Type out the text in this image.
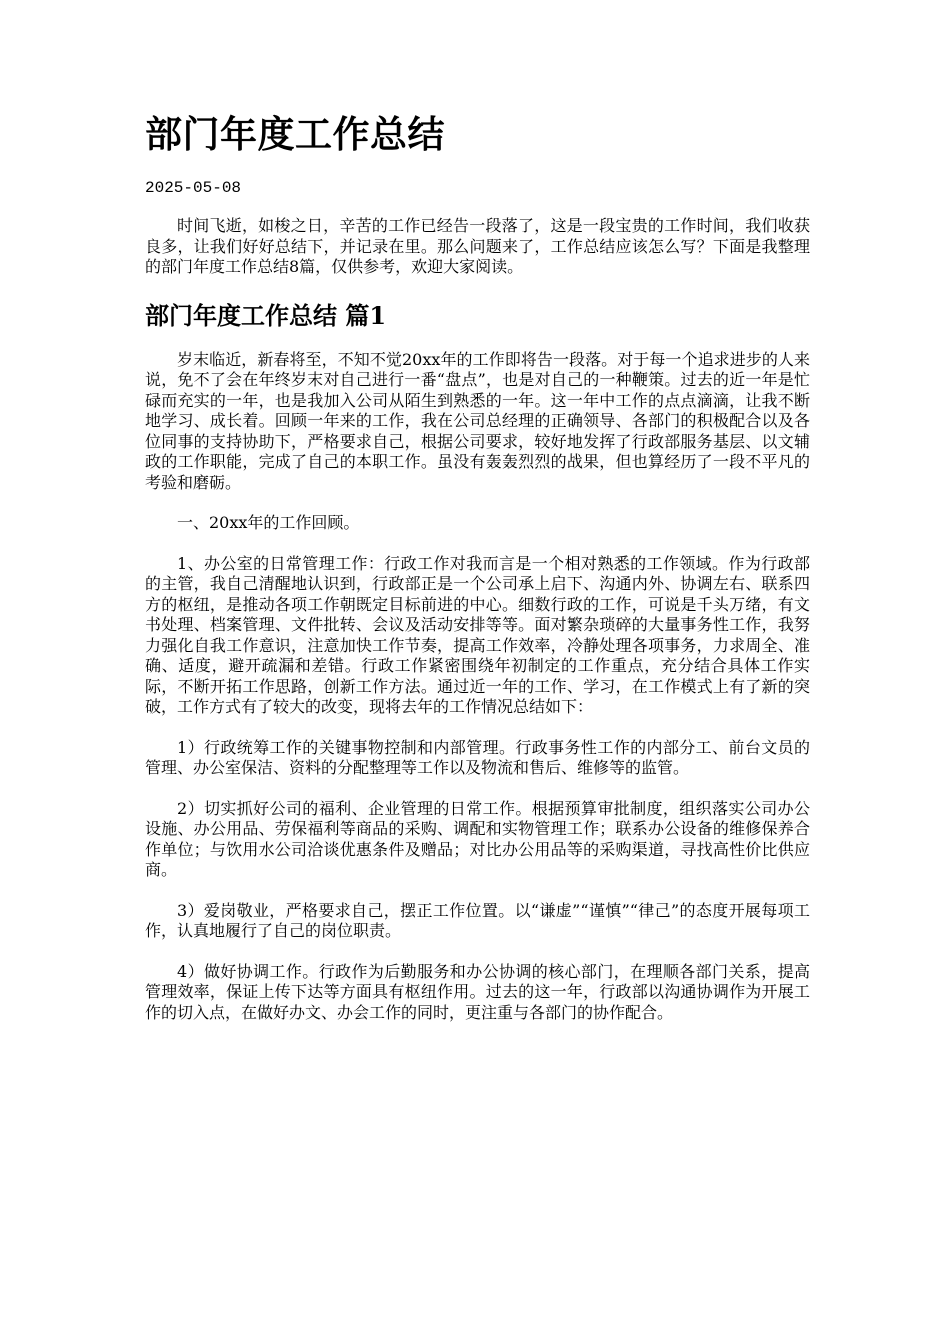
部门年度工作总结
2025-05-08

时间飞逝，如梭之日，辛苦的工作已经告一段落了，这是一段宝贵的工作时间，我们收获良多，让我们好好总结下，并记录在里。那么问题来了，工作总结应该怎么写？下面是我整理的部门年度工作总结8篇，仅供参考，欢迎大家阅读。

部门年度工作总结 篇1

岁末临近，新春将至，不知不觉20xx年的工作即将告一段落。对于每一个追求进步的人来说，免不了会在年终岁末对自己进行一番“盘点”，也是对自己的一种鞭策。过去的近一年是忙碌而充实的一年，也是我加入公司从陌生到熟悉的一年。这一年中工作的点点滴滴，让我不断地学习、成长着。回顾一年来的工作，我在公司总经理的正确领导、各部门的积极配合以及各位同事的支持协助下，严格要求自己，根据公司要求，较好地发挥了行政部服务基层、以文辅政的工作职能，完成了自己的本职工作。虽没有轰轰烈烈的战果，但也算经历了一段不平凡的考验和磨砺。

一、20xx年的工作回顾。

1、办公室的日常管理工作：行政工作对我而言是一个相对熟悉的工作领域。作为行政部的主管，我自己清醒地认识到，行政部正是一个公司承上启下、沟通内外、协调左右、联系四方的枢纽，是推动各项工作朝既定目标前进的中心。细数行政的工作，可说是千头万绪，有文书处理、档案管理、文件批转、会议及活动安排等等。面对繁杂琐碎的大量事务性工作，我努力强化自我工作意识，注意加快工作节奏，提高工作效率，冷静处理各项事务，力求周全、准确、适度，避开疏漏和差错。行政工作紧密围绕年初制定的工作重点，充分结合具体工作实际，不断开拓工作思路，创新工作方法。通过近一年的工作、学习，在工作模式上有了新的突破，工作方式有了较大的改变，现将去年的工作情况总结如下：

1）行政统筹工作的关键事物控制和内部管理。行政事务性工作的内部分工、前台文员的管理、办公室保洁、资料的分配整理等工作以及物流和售后、维修等的监管。

2）切实抓好公司的福利、企业管理的日常工作。根据预算审批制度，组织落实公司办公设施、办公用品、劳保福利等商品的采购、调配和实物管理工作；联系办公设备的维修保养合作单位；与饮用水公司洽谈优惠条件及赠品；对比办公用品等的采购渠道，寻找高性价比供应商。

3）爱岗敬业，严格要求自己，摆正工作位置。以“谦虚”“谨慎”“律己”的态度开展每项工作，认真地履行了自己的岗位职责。

4）做好协调工作。行政作为后勤服务和办公协调的核心部门，在理顺各部门关系，提高管理效率，保证上传下达等方面具有枢纽作用。过去的这一年，行政部以沟通协调作为开展工作的切入点，在做好办文、办会工作的同时，更注重与各部门的协作配合。
